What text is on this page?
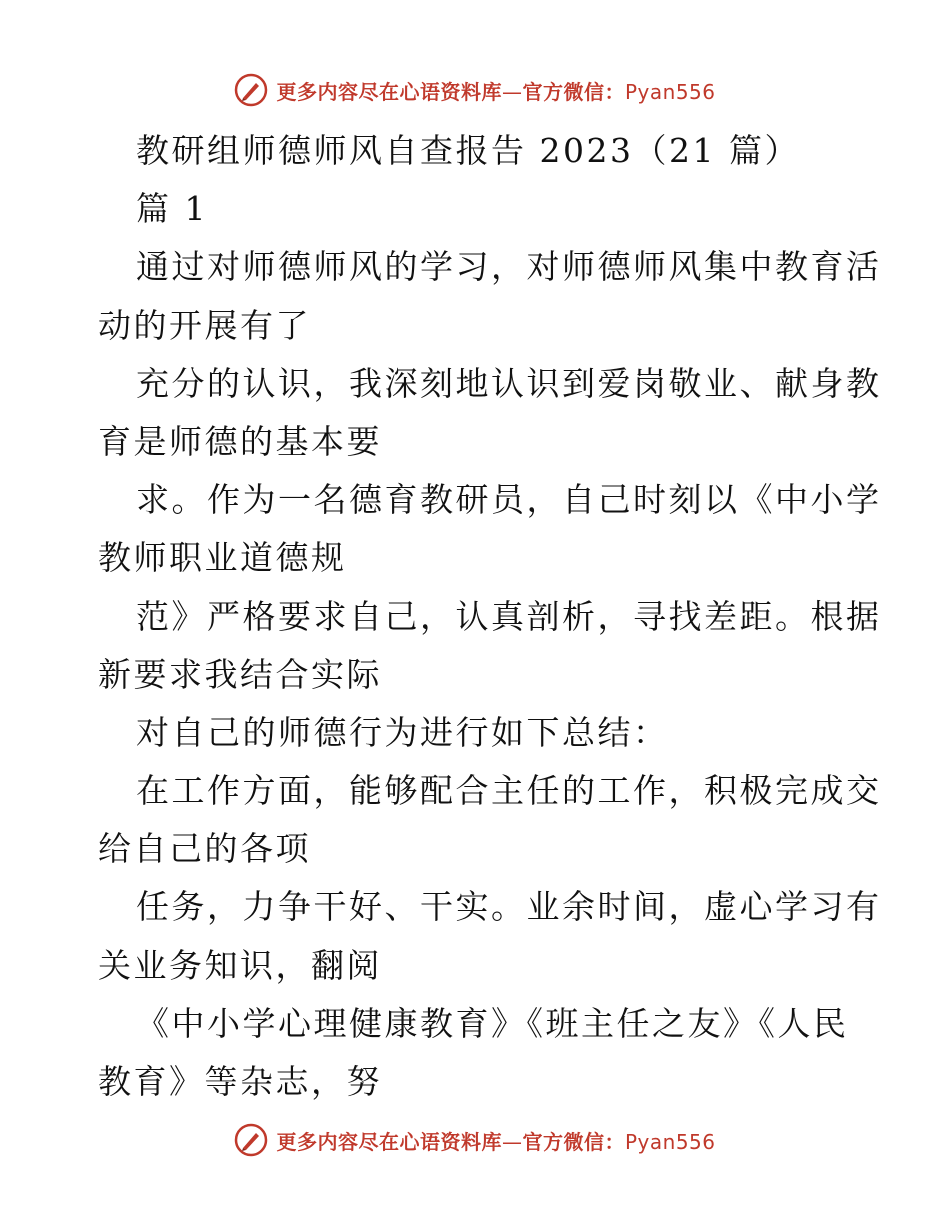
更多内容尽在心语资料库—官方微信：Pyan556
教研组师德师风自查报告 2023（21 篇）
篇 1
通过对师德师风的学习，对师德师风集中教育活
动的开展有了
充分的认识，我深刻地认识到爱岗敬业、献身教
育是师德的基本要
求。作为一名德育教研员，自己时刻以《中小学
教师职业道德规
范》严格要求自己，认真剖析，寻找差距。根据
新要求我结合实际
对自己的师德行为进行如下总结：
在工作方面，能够配合主任的工作，积极完成交
给自己的各项
任务，力争干好、干实。业余时间，虚心学习有
关业务知识，翻阅
《中小学心理健康教育》《班主任之友》《人民
教育》等杂志，努
更多内容尽在心语资料库—官方微信：Pyan556
